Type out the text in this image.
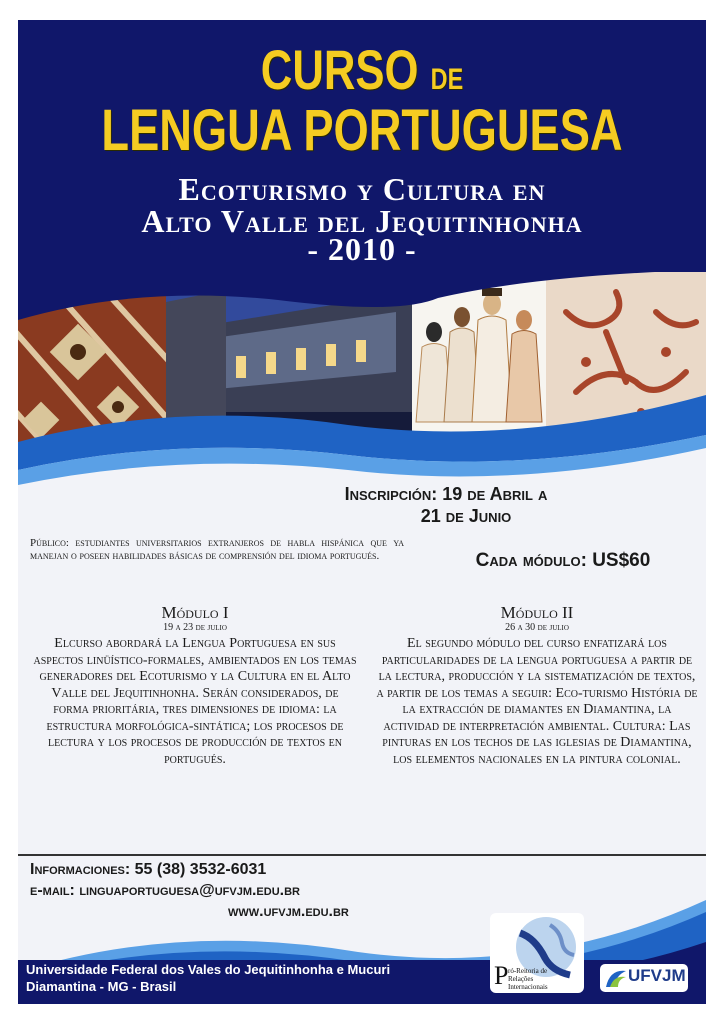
CURSO DE
LENGUA PORTUGUESA
Ecoturismo y Cultura en
Alto Valle del Jequitinhonha
- 2010 -
Inscripción: 19 de Abril a
21 de Junio
Público: estudiantes universitarios extranjeros de habla hispánica que ya manejan o poseen habilidades básicas de comprensión del idioma portugués.	Cada módulo: US$60
Módulo I
19 a 23 de julio
Elcurso abordará la Lengua Portuguesa en sus aspectos linüístico-formales, ambientados en los temas generadores del Ecoturismo y la Cultura en el Alto Valle del Jequitinhonha. Serán considerados, de forma prioritária, tres dimensiones de idioma: la estructura morfológica-sintática; los procesos de lectura y los procesos de producción de textos en portugués.
Módulo II
26 a 30 de julio
El segundo módulo del curso enfatizará los particularidades de la lengua portuguesa a partir de la lectura, producción y la sistematización de textos, a partir de los temas a seguir: Eco-turismo História de la extracción de diamantes en Diamantina, la actividad de interpretación ambiental. Cultura: Las pinturas en los techos de las iglesias de Diamantina, los elementos nacionales en la pintura colonial.
Informaciones: 55 (38) 3532-6031
e-mail: linguaportuguesa@ufvjm.edu.br
www.ufvjm.edu.br
Universidade Federal dos Vales do Jequitinhonha e Mucuri
Diamantina - MG - Brasil	P ró-Reitoria de
Relações
Internacionais
UFVJM
